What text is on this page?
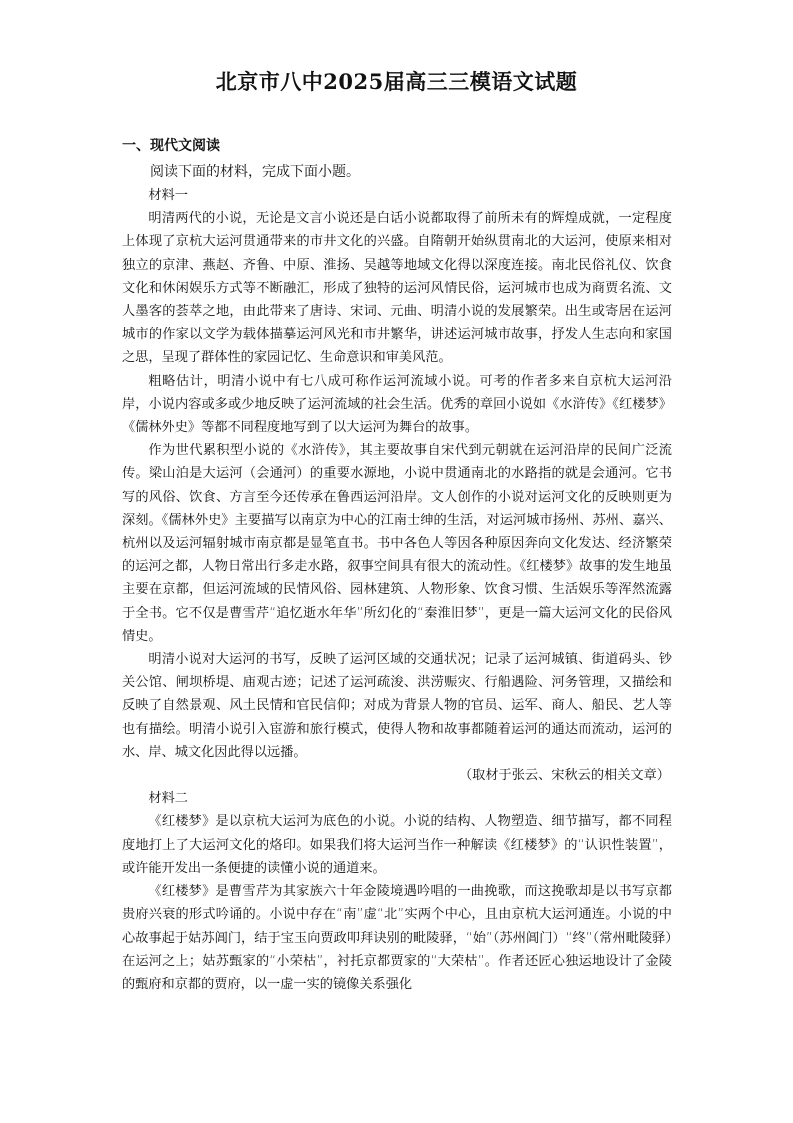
北京市八中2025届高三三模语文试题
一、现代文阅读

阅读下面的材料，完成下面小题。

材料一

明清两代的小说，无论是文言小说还是白话小说都取得了前所未有的辉煌成就，一定程度上体现了京杭大运河贯通带来的市井文化的兴盛。自隋朝开始纵贯南北的大运河，使原来相对独立的京津、燕赵、齐鲁、中原、淮扬、吴越等地域文化得以深度连接。南北民俗礼仪、饮食文化和休闲娱乐方式等不断融汇，形成了独特的运河风情民俗，运河城市也成为商贾名流、文人墨客的荟萃之地，由此带来了唐诗、宋词、元曲、明清小说的发展繁荣。出生或寄居在运河城市的作家以文学为载体描摹运河风光和市井繁华，讲述运河城市故事，抒发人生志向和家国之思，呈现了群体性的家园记忆、生命意识和审美风范。

粗略估计，明清小说中有七八成可称作运河流域小说。可考的作者多来自京杭大运河沿岸，小说内容或多或少地反映了运河流域的社会生活。优秀的章回小说如《水浒传》《红楼梦》《儒林外史》等都不同程度地写到了以大运河为舞台的故事。

作为世代累积型小说的《水浒传》，其主要故事自宋代到元朝就在运河沿岸的民间广泛流传。梁山泊是大运河（会通河）的重要水源地，小说中贯通南北的水路指的就是会通河。它书写的风俗、饮食、方言至今还传承在鲁西运河沿岸。文人创作的小说对运河文化的反映则更为深刻。《儒林外史》主要描写以南京为中心的江南士绅的生活，对运河城市扬州、苏州、嘉兴、杭州以及运河辐射城市南京都是显笔直书。书中各色人等因各种原因奔向文化发达、经济繁荣的运河之都，人物日常出行多走水路，叙事空间具有很大的流动性。《红楼梦》故事的发生地虽主要在京都，但运河流域的民情风俗、园林建筑、人物形象、饮食习惯、生活娱乐等浑然流露于全书。它不仅是曹雪芹“追忆逝水年华”所幻化的“秦淮旧梦”，更是一篇大运河文化的民俗风情史。

明清小说对大运河的书写，反映了运河区域的交通状况；记录了运河城镇、街道码头、钞关公馆、闸坝桥堤、庙观古迹；记述了运河疏浚、洪涝赈灾、行船遇险、河务管理，又描绘和反映了自然景观、风土民情和官民信仰；对成为背景人物的官员、运军、商人、船民、艺人等也有描绘。明清小说引入宦游和旅行模式，使得人物和故事都随着运河的通达而流动，运河的水、岸、城文化因此得以远播。

（取材于张云、宋秋云的相关文章）

材料二

《红楼梦》是以京杭大运河为底色的小说。小说的结构、人物塑造、细节描写，都不同程度地打上了大运河文化的烙印。如果我们将大运河当作一种解读《红楼梦》的“认识性装置”，或许能开发出一条便捷的读懂小说的通道来。

《红楼梦》是曹雪芹为其家族六十年金陵境遇吟唱的一曲挽歌，而这挽歌却是以书写京都贵府兴衰的形式吟诵的。小说中存在“南”虚“北”实两个中心，且由京杭大运河通连。小说的中心故事起于姑苏阊门，结于宝玉向贾政叩拜诀别的毗陵驿，“始”（苏州阊门）“终”（常州毗陵驿）在运河之上；姑苏甄家的“小荣枯”，衬托京都贾家的“大荣枯”。作者还匠心独运地设计了金陵的甄府和京都的贾府，以一虚一实的镜像关系强化
